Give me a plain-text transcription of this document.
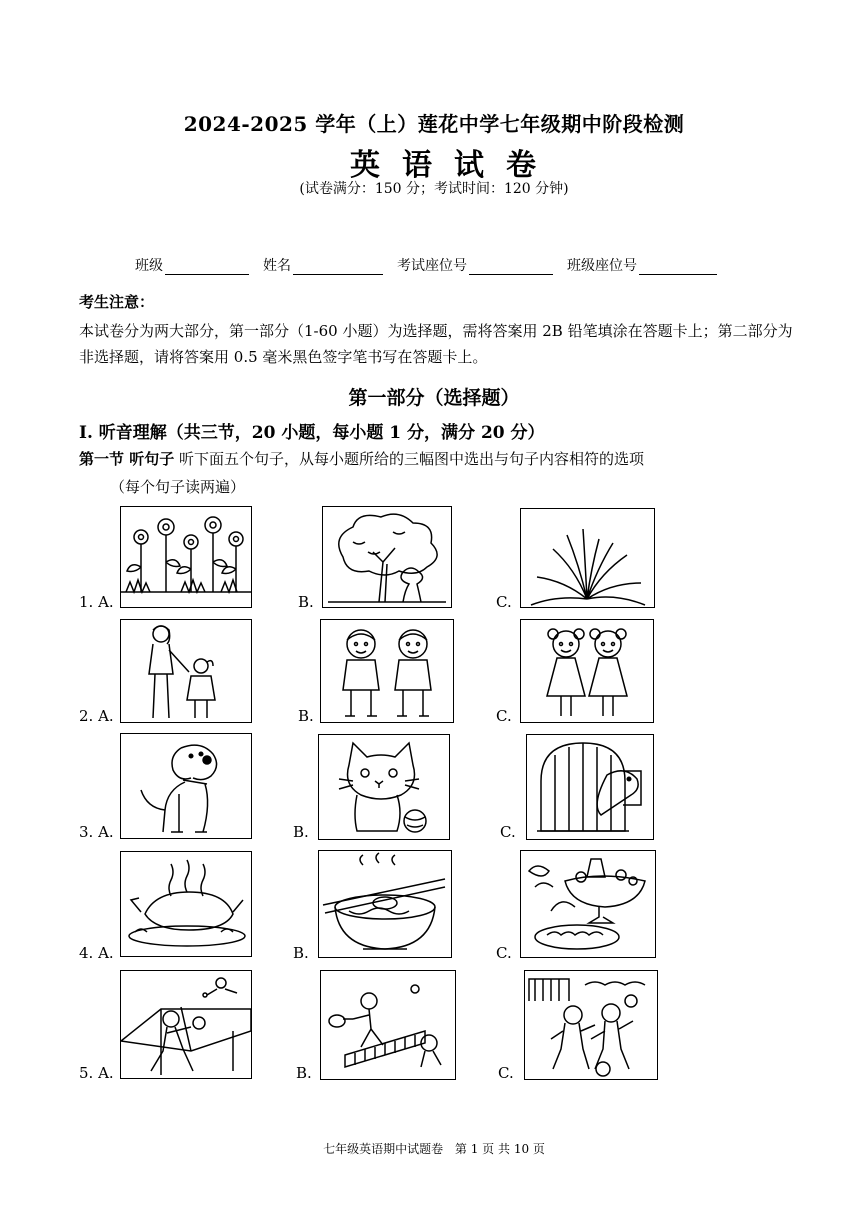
2024-2025 学年（上）莲花中学七年级期中阶段检测
英语试卷
(试卷满分：150 分；考试时间：120 分钟)
班级	姓名	考试座位号	班级座位号
考生注意：
本试卷分为两大部分，第一部分（1-60 小题）为选择题，需将答案用 2B 铅笔填涂在答题卡上；第二部分为非选择题，请将答案用 0.5 毫米黑色签字笔书写在答题卡上。
第一部分（选择题）
I. 听音理解（共三节，20 小题，每小题 1 分，满分 20 分）
第一节 听句子 听下面五个句子，从每小题所给的三幅图中选出与句子内容相符的选项
（每个句子读两遍）
1. A.	B.	C.
2. A.	B.	C.
3. A.	B.	C.
4. A.	B.	C.
5. A.	B.	C.
七年级英语期中试题卷 第 1 页 共 10 页
